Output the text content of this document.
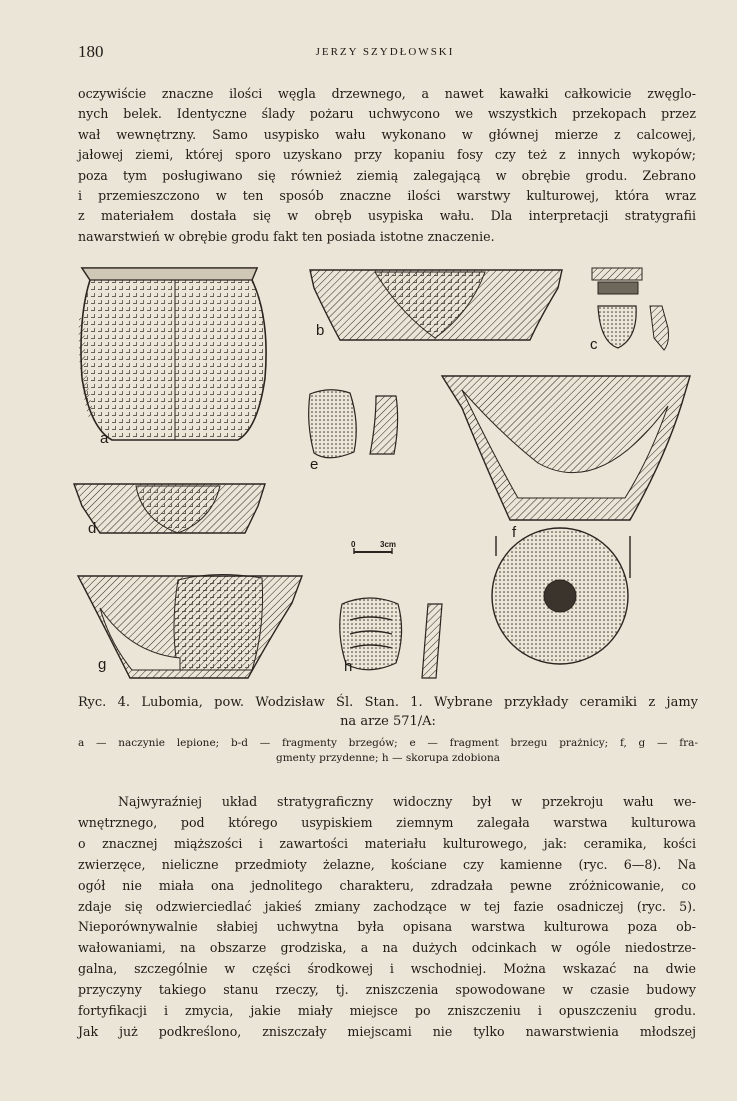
180	JERZY SZYDŁOWSKI

oczywiście znaczne ilości węgla drzewnego, a nawet kawałki całkowicie zwęglo-
nych belek. Identyczne ślady pożaru uchwycono we wszystkich przekopach przez
wał wewnętrzny. Samo usypisko wału wykonano w głównej mierze z calcowej,
jałowej ziemi, której sporo uzyskano przy kopaniu fosy czy też z innych wykopów;
poza tym posługiwano się również ziemią zalegającą w obrębie grodu. Zebrano
i przemieszczono w ten sposób znaczne ilości warstwy kulturowej, która wraz
z materiałem dostała się w obręb usypiska wału. Dla interpretacji stratygrafii
nawarstwień w obrębie grodu fakt ten posiada istotne znaczenie.

a
b
c
d
e
f
g	h
0	3cm

Ryc. 4. Lubomia, pow. Wodzisław Śl. Stan. 1. Wybrane przykłady ceramiki z jamy
na arze 571/A:

a — naczynie lepione; b-d — fragmenty brzegów; e — fragment brzegu prażnicy; f, g — fra-
gmenty przydenne; h — skorupa zdobiona

Najwyraźniej układ stratygraficzny widoczny był w przekroju wału we-
wnętrznego, pod którego usypiskiem ziemnym zalegała warstwa kulturowa
o znacznej miąższości i zawartości materiału kulturowego, jak: ceramika, kości
zwierzęce, nieliczne przedmioty żelazne, kościane czy kamienne (ryc. 6—8). Na
ogół nie miała ona jednolitego charakteru, zdradzała pewne zróżnicowanie, co
zdaje się odzwierciedlać jakieś zmiany zachodzące w tej fazie osadniczej (ryc. 5).
Nieporównywalnie słabiej uchwytna była opisana warstwa kulturowa poza ob-
wałowaniami, na obszarze grodziska, a na dużych odcinkach w ogóle niedostrze-
galna, szczególnie w części środkowej i wschodniej. Można wskazać na dwie
przyczyny takiego stanu rzeczy, tj. zniszczenia spowodowane w czasie budowy
fortyfikacji i zmycia, jakie miały miejsce po zniszczeniu i opuszczeniu grodu.
Jak już podkreślono, zniszczały miejscami nie tylko nawarstwienia młodszej
